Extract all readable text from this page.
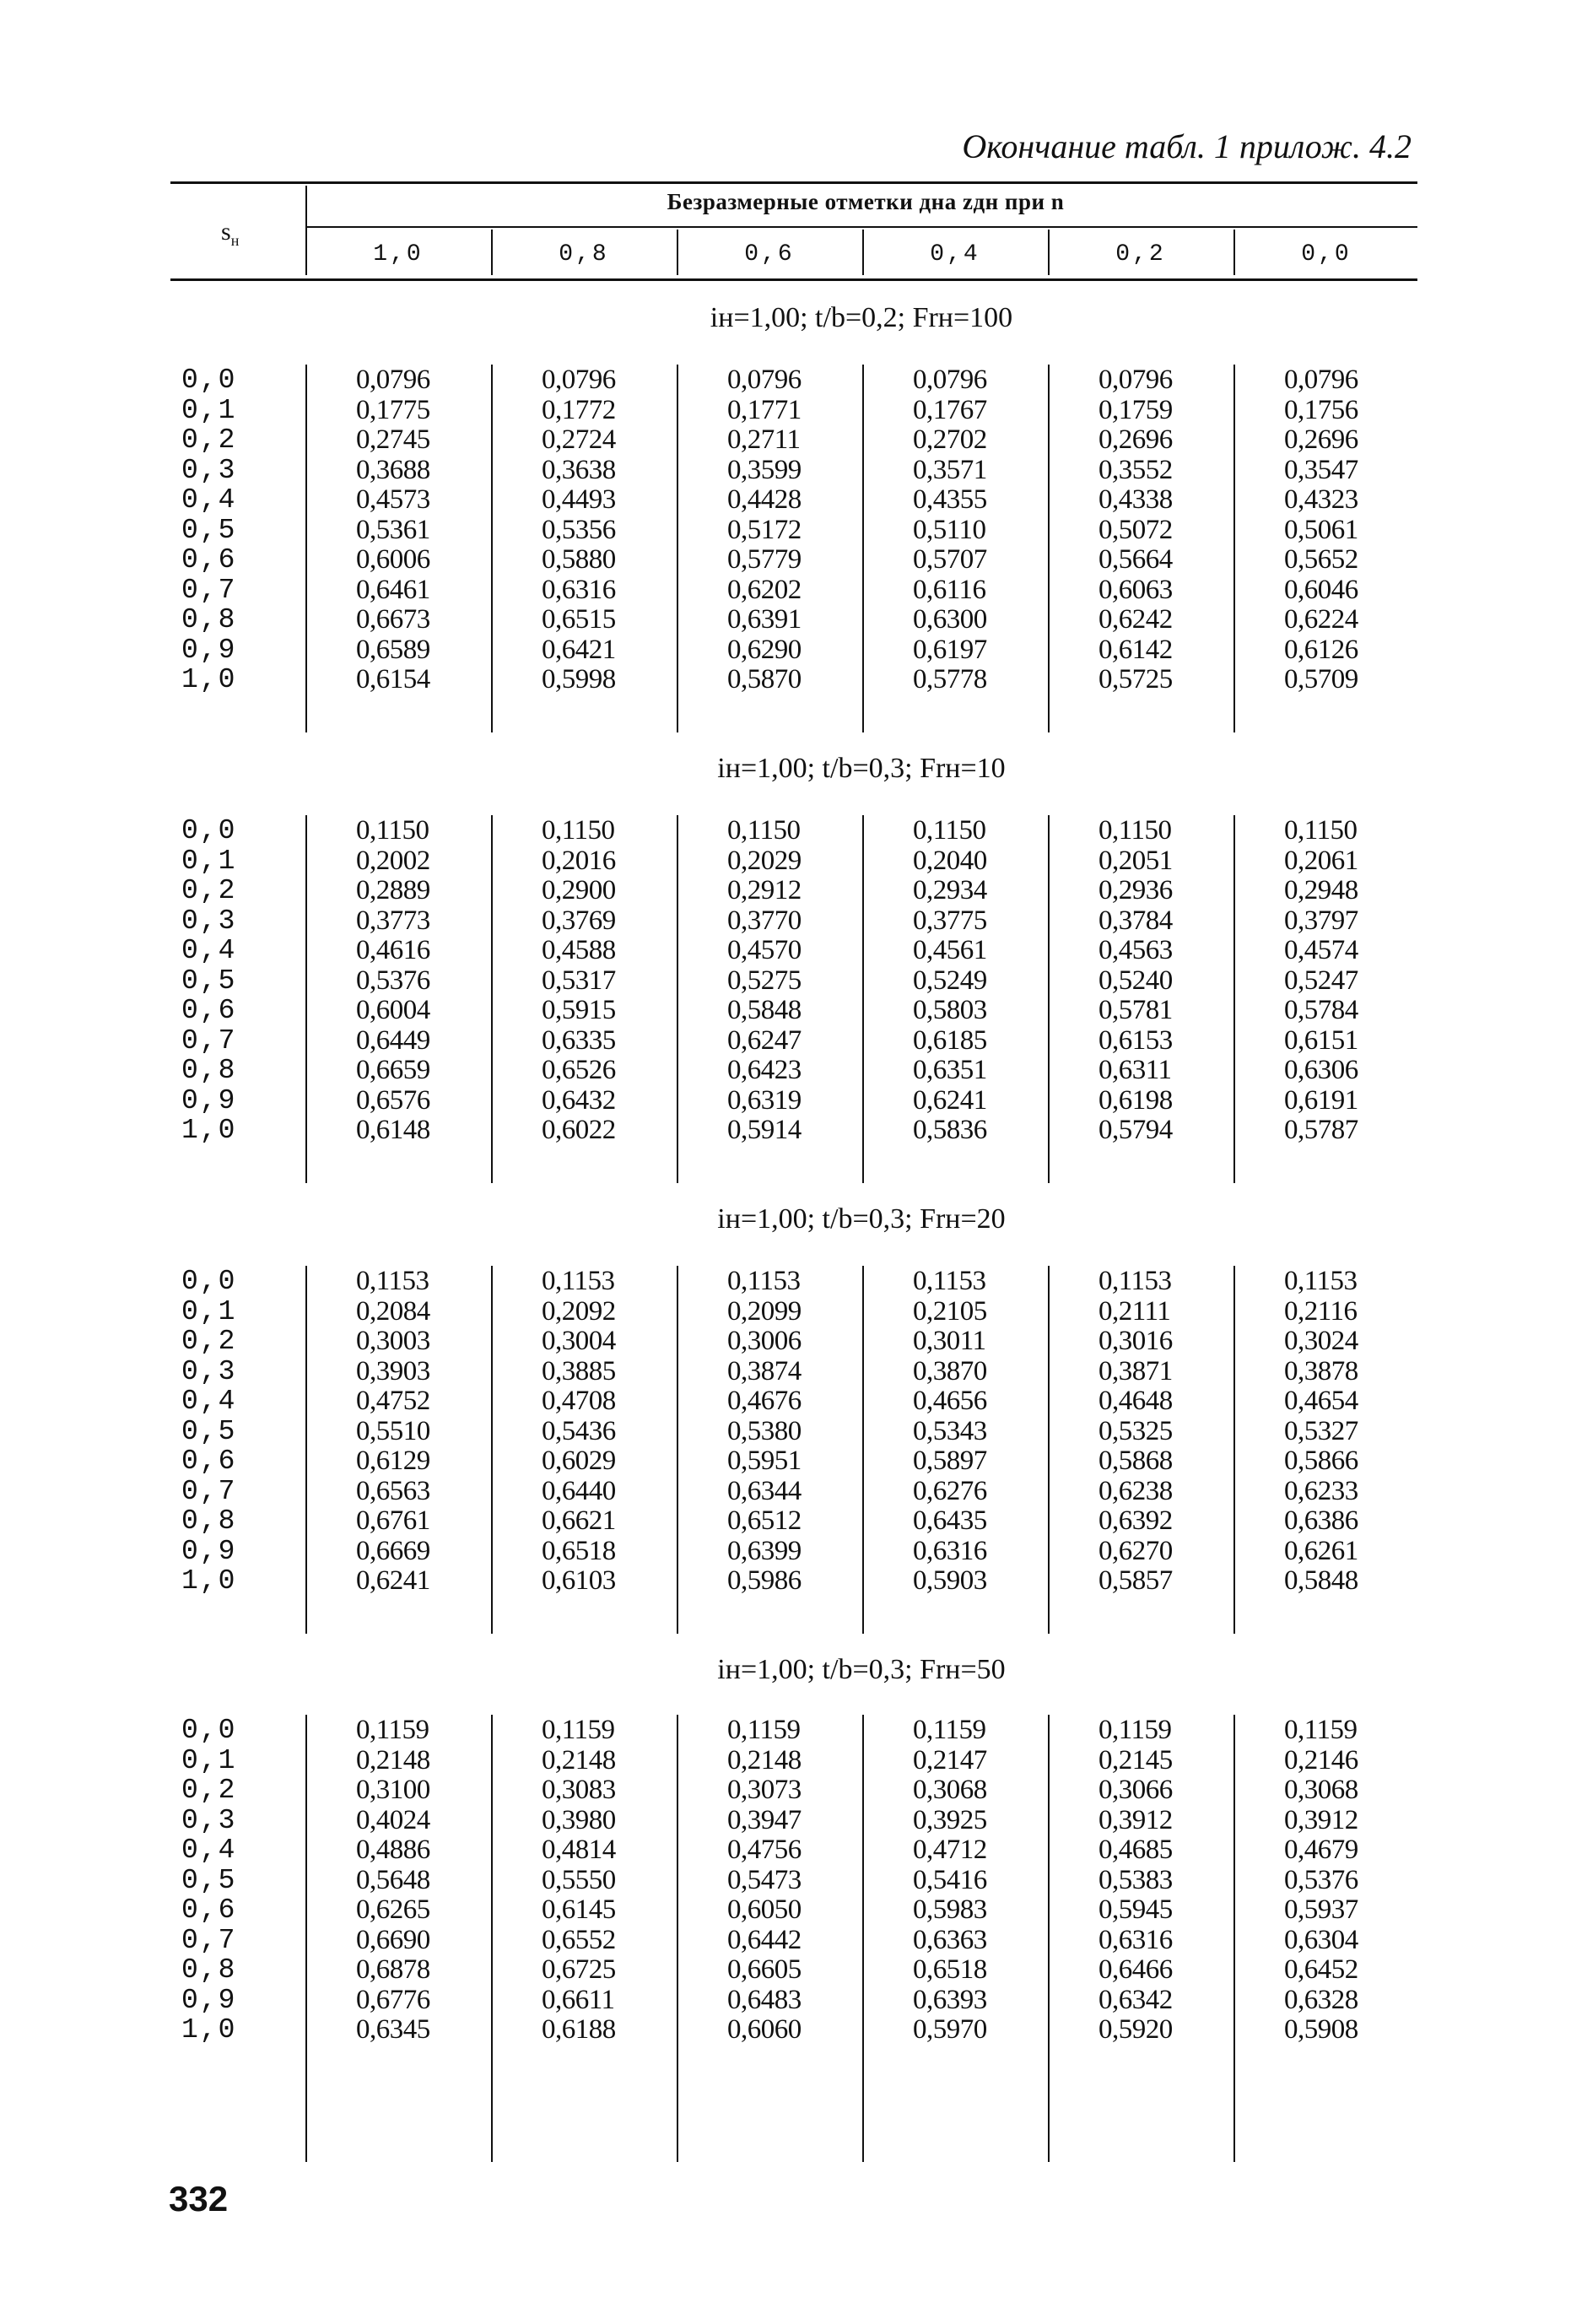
Окончание табл. 1 прилож. 4.2
$s_н$
Безразмерные отметки дна zдн при n
1,0	0,8	0,6	0,4	0,2	0,0
iн=1,00; t/b=0,2; Frн=100
0,0	0,0796	0,0796	0,0796	0,0796	0,0796	0,0796
0,1	0,1775	0,1772	0,1771	0,1767	0,1759	0,1756
0,2	0,2745	0,2724	0,2711	0,2702	0,2696	0,2696
0,3	0,3688	0,3638	0,3599	0,3571	0,3552	0,3547
0,4	0,4573	0,4493	0,4428	0,4355	0,4338	0,4323
0,5	0,5361	0,5356	0,5172	0,5110	0,5072	0,5061
0,6	0,6006	0,5880	0,5779	0,5707	0,5664	0,5652
0,7	0,6461	0,6316	0,6202	0,6116	0,6063	0,6046
0,8	0,6673	0,6515	0,6391	0,6300	0,6242	0,6224
0,9	0,6589	0,6421	0,6290	0,6197	0,6142	0,6126
1,0	0,6154	0,5998	0,5870	0,5778	0,5725	0,5709
iн=1,00; t/b=0,3; Frн=10
0,0	0,1150	0,1150	0,1150	0,1150	0,1150	0,1150
0,1	0,2002	0,2016	0,2029	0,2040	0,2051	0,2061
0,2	0,2889	0,2900	0,2912	0,2934	0,2936	0,2948
0,3	0,3773	0,3769	0,3770	0,3775	0,3784	0,3797
0,4	0,4616	0,4588	0,4570	0,4561	0,4563	0,4574
0,5	0,5376	0,5317	0,5275	0,5249	0,5240	0,5247
0,6	0,6004	0,5915	0,5848	0,5803	0,5781	0,5784
0,7	0,6449	0,6335	0,6247	0,6185	0,6153	0,6151
0,8	0,6659	0,6526	0,6423	0,6351	0,6311	0,6306
0,9	0,6576	0,6432	0,6319	0,6241	0,6198	0,6191
1,0	0,6148	0,6022	0,5914	0,5836	0,5794	0,5787
iн=1,00; t/b=0,3; Frн=20
0,0	0,1153	0,1153	0,1153	0,1153	0,1153	0,1153
0,1	0,2084	0,2092	0,2099	0,2105	0,2111	0,2116
0,2	0,3003	0,3004	0,3006	0,3011	0,3016	0,3024
0,3	0,3903	0,3885	0,3874	0,3870	0,3871	0,3878
0,4	0,4752	0,4708	0,4676	0,4656	0,4648	0,4654
0,5	0,5510	0,5436	0,5380	0,5343	0,5325	0,5327
0,6	0,6129	0,6029	0,5951	0,5897	0,5868	0,5866
0,7	0,6563	0,6440	0,6344	0,6276	0,6238	0,6233
0,8	0,6761	0,6621	0,6512	0,6435	0,6392	0,6386
0,9	0,6669	0,6518	0,6399	0,6316	0,6270	0,6261
1,0	0,6241	0,6103	0,5986	0,5903	0,5857	0,5848
iн=1,00; t/b=0,3; Frн=50
0,0	0,1159	0,1159	0,1159	0,1159	0,1159	0,1159
0,1	0,2148	0,2148	0,2148	0,2147	0,2145	0,2146
0,2	0,3100	0,3083	0,3073	0,3068	0,3066	0,3068
0,3	0,4024	0,3980	0,3947	0,3925	0,3912	0,3912
0,4	0,4886	0,4814	0,4756	0,4712	0,4685	0,4679
0,5	0,5648	0,5550	0,5473	0,5416	0,5383	0,5376
0,6	0,6265	0,6145	0,6050	0,5983	0,5945	0,5937
0,7	0,6690	0,6552	0,6442	0,6363	0,6316	0,6304
0,8	0,6878	0,6725	0,6605	0,6518	0,6466	0,6452
0,9	0,6776	0,6611	0,6483	0,6393	0,6342	0,6328
1,0	0,6345	0,6188	0,6060	0,5970	0,5920	0,5908
332
